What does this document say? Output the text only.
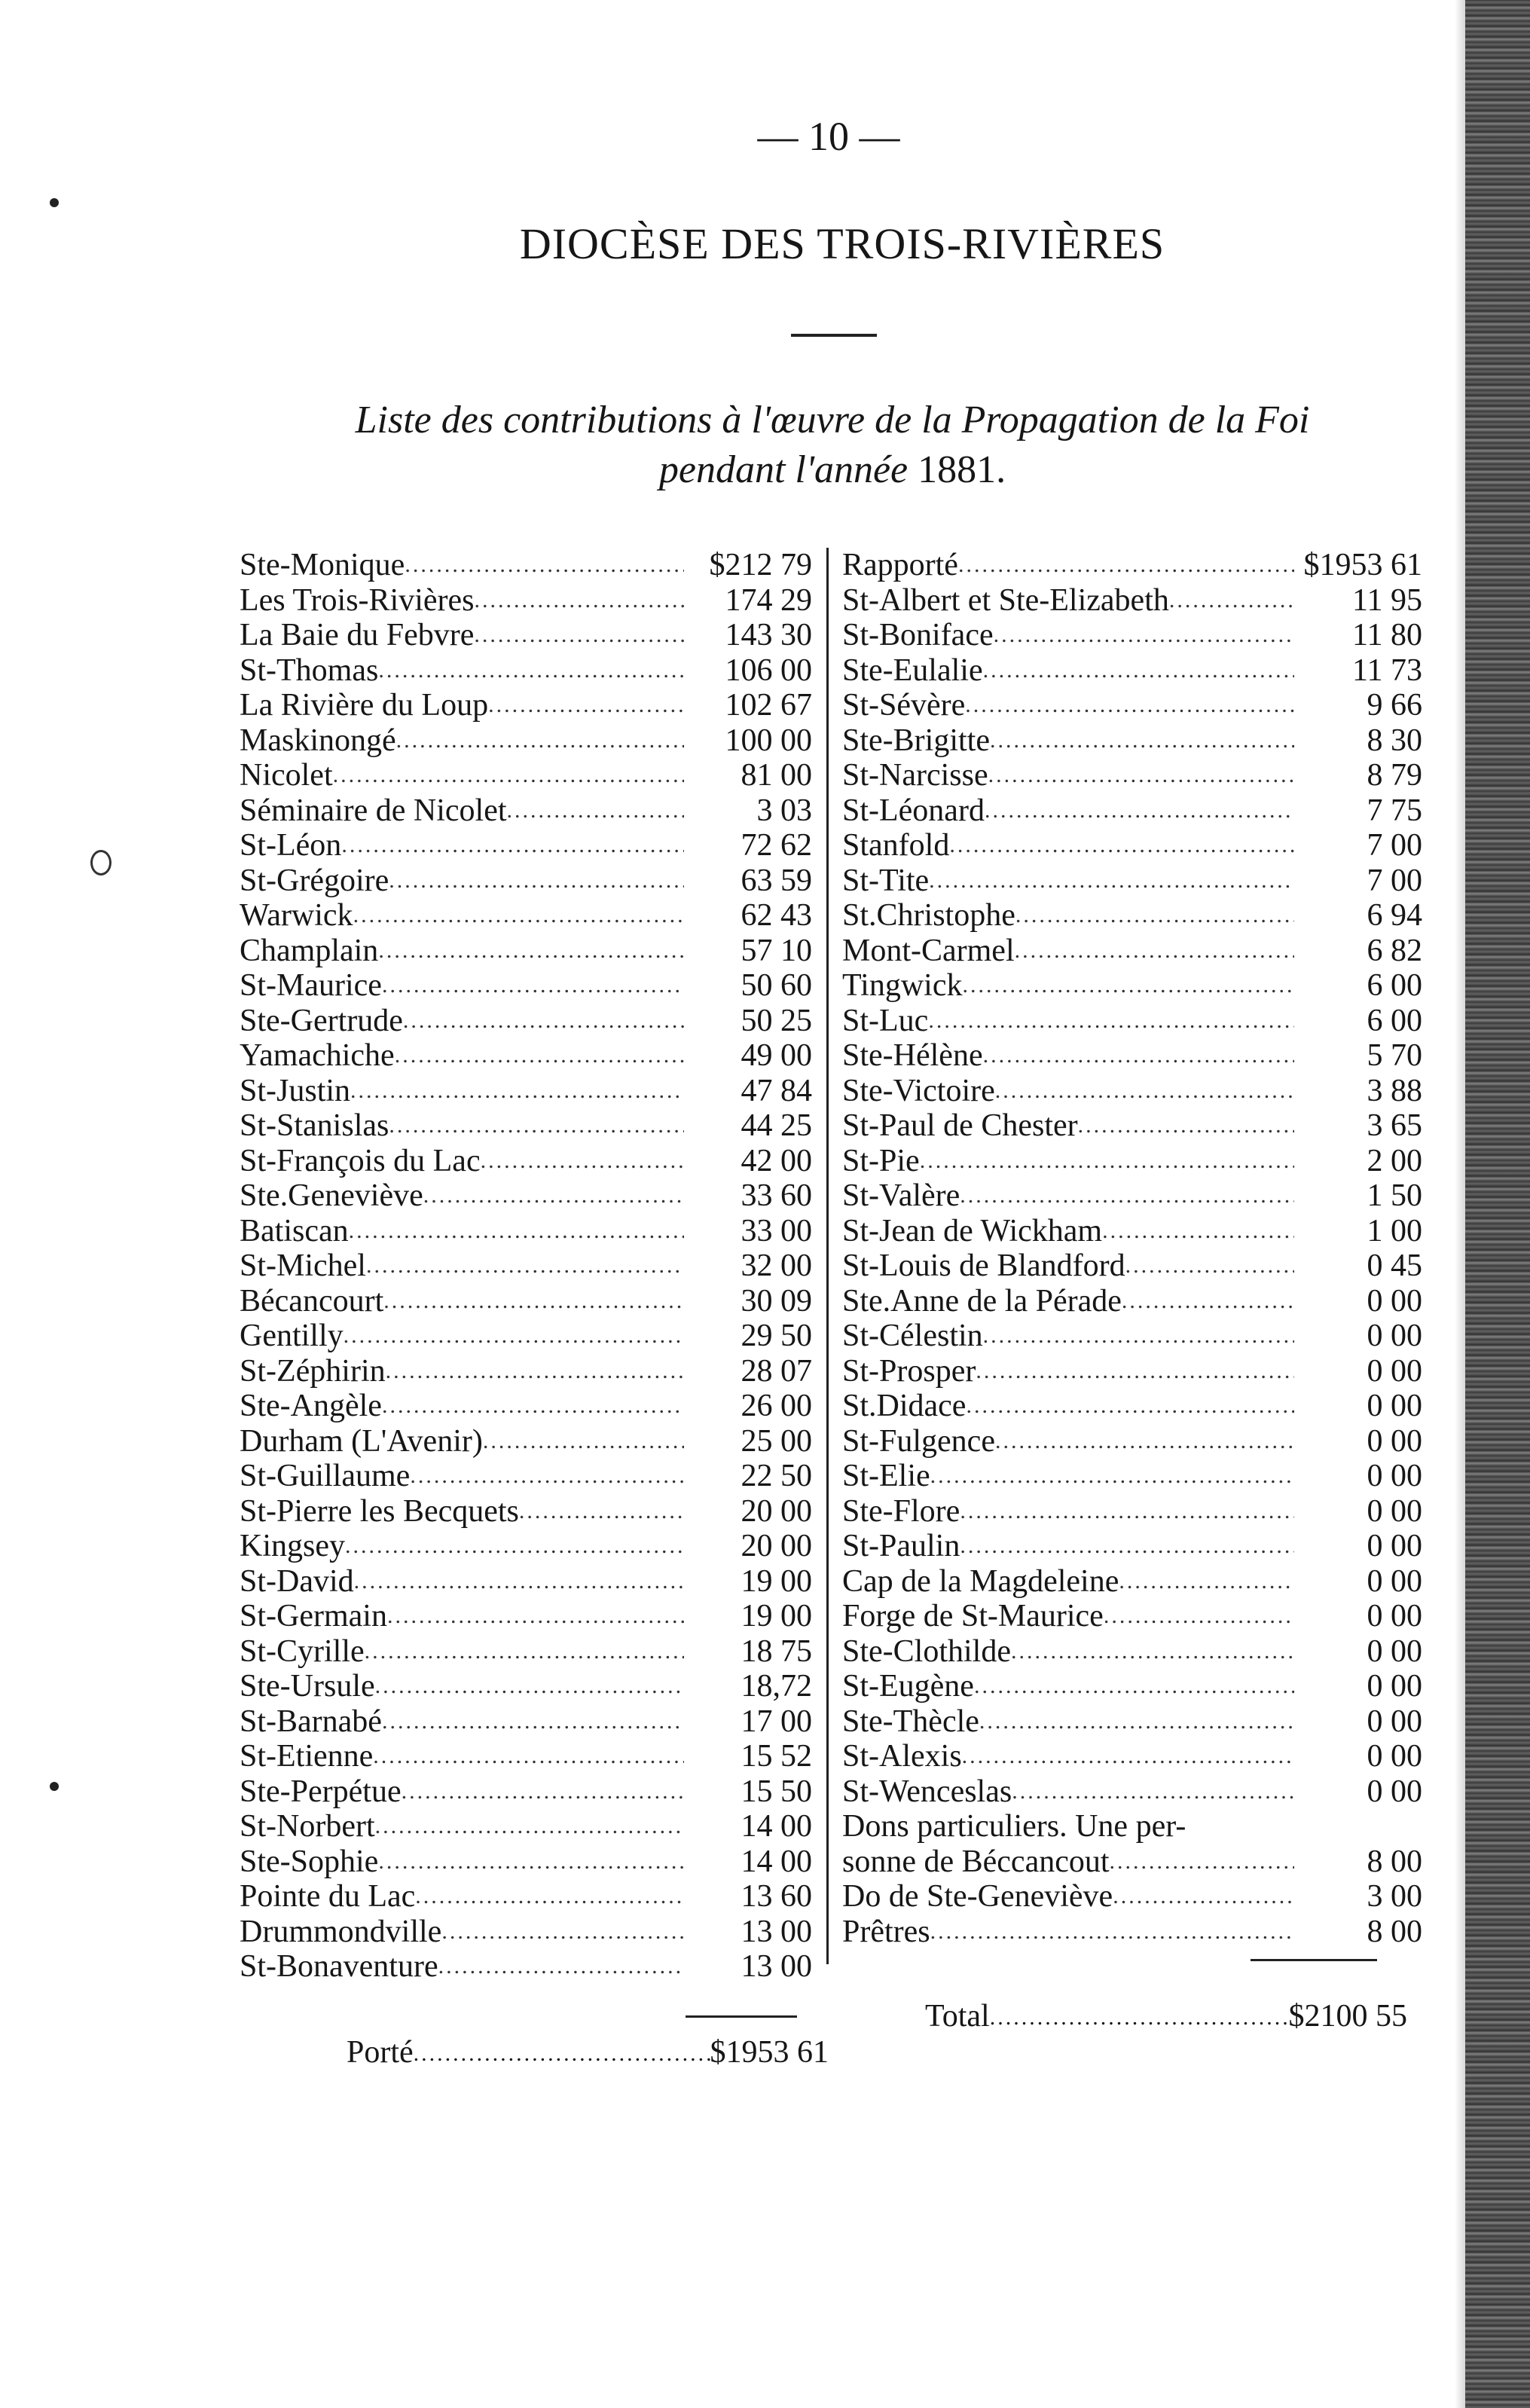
— 10 —
DIOCÈSE DES TROIS-RIVIÈRES
Liste des contributions à l'œuvre de la Propagation de la Foi
pendant l'année 1881.
Ste-Monique .....	$212 79
Les Trois-Rivières .....	174 29
La Baie du Febvre .....	143 30
St-Thomas .....	106 00
La Rivière du Loup .....	102 67
Maskinongé .....	100 00
Nicolet .....	81 00
Séminaire de Nicolet .....	3 03
St-Léon .....	72 62
St-Grégoire .....	63 59
Warwick .....	62 43
Champlain .....	57 10
St-Maurice .....	50 60
Ste-Gertrude .....	50 25
Yamachiche .....	49 00
St-Justin .....	47 84
St-Stanislas .....	44 25
St-François du Lac .....	42 00
Ste.Geneviève .....	33 60
Batiscan .....	33 00
St-Michel .....	32 00
Bécancourt .....	30 09
Gentilly .....	29 50
St-Zéphirin .....	28 07
Ste-Angèle .....	26 00
Durham (L'Avenir) .....	25 00
St-Guillaume .....	22 50
St-Pierre les Becquets .....	20 00
Kingsey .....	20 00
St-David .....	19 00
St-Germain .....	19 00
St-Cyrille .....	18 75
Ste-Ursule .....	18,72
St-Barnabé .....	17 00
St-Etienne .....	15 52
Ste-Perpétue .....	15 50
St-Norbert .....	14 00
Ste-Sophie .....	14 00
Pointe du Lac .....	13 60
Drummondville .....	13 00
St-Bonaventure .....	13 00
Rapporté .....	$1953 61
St-Albert et Ste-Elizabeth .....	11 95
St-Boniface .....	11 80
Ste-Eulalie .....	11 73
St-Sévère .....	9 66
Ste-Brigitte .....	8 30
St-Narcisse .....	8 79
St-Léonard .....	7 75
Stanfold .....	7 00
St-Tite .....	7 00
St.Christophe .....	6 94
Mont-Carmel .....	6 82
Tingwick .....	6 00
St-Luc .....	6 00
Ste-Hélène .....	5 70
Ste-Victoire .....	3 88
St-Paul de Chester .....	3 65
St-Pie .....	2 00
St-Valère .....	1 50
St-Jean de Wickham .....	1 00
St-Louis de Blandford .....	0 45
Ste.Anne de la Pérade .....	0 00
St-Célestin .....	0 00
St-Prosper .....	0 00
St.Didace .....	0 00
St-Fulgence .....	0 00
St-Elie .....	0 00
Ste-Flore .....	0 00
St-Paulin .....	0 00
Cap de la Magdeleine .....	0 00
Forge de St-Maurice .....	0 00
Ste-Clothilde .....	0 00
St-Eugène .....	0 00
Ste-Thècle .....	0 00
St-Alexis .....	0 00
St-Wenceslas .....	0 00
Dons particuliers. Une per-
sonne de Béccancout .....	8 00
Do de Ste-Geneviève .....	3 00
Prêtres .....	8 00
Porté .....	$1953 61
Total .....	$2100 55
